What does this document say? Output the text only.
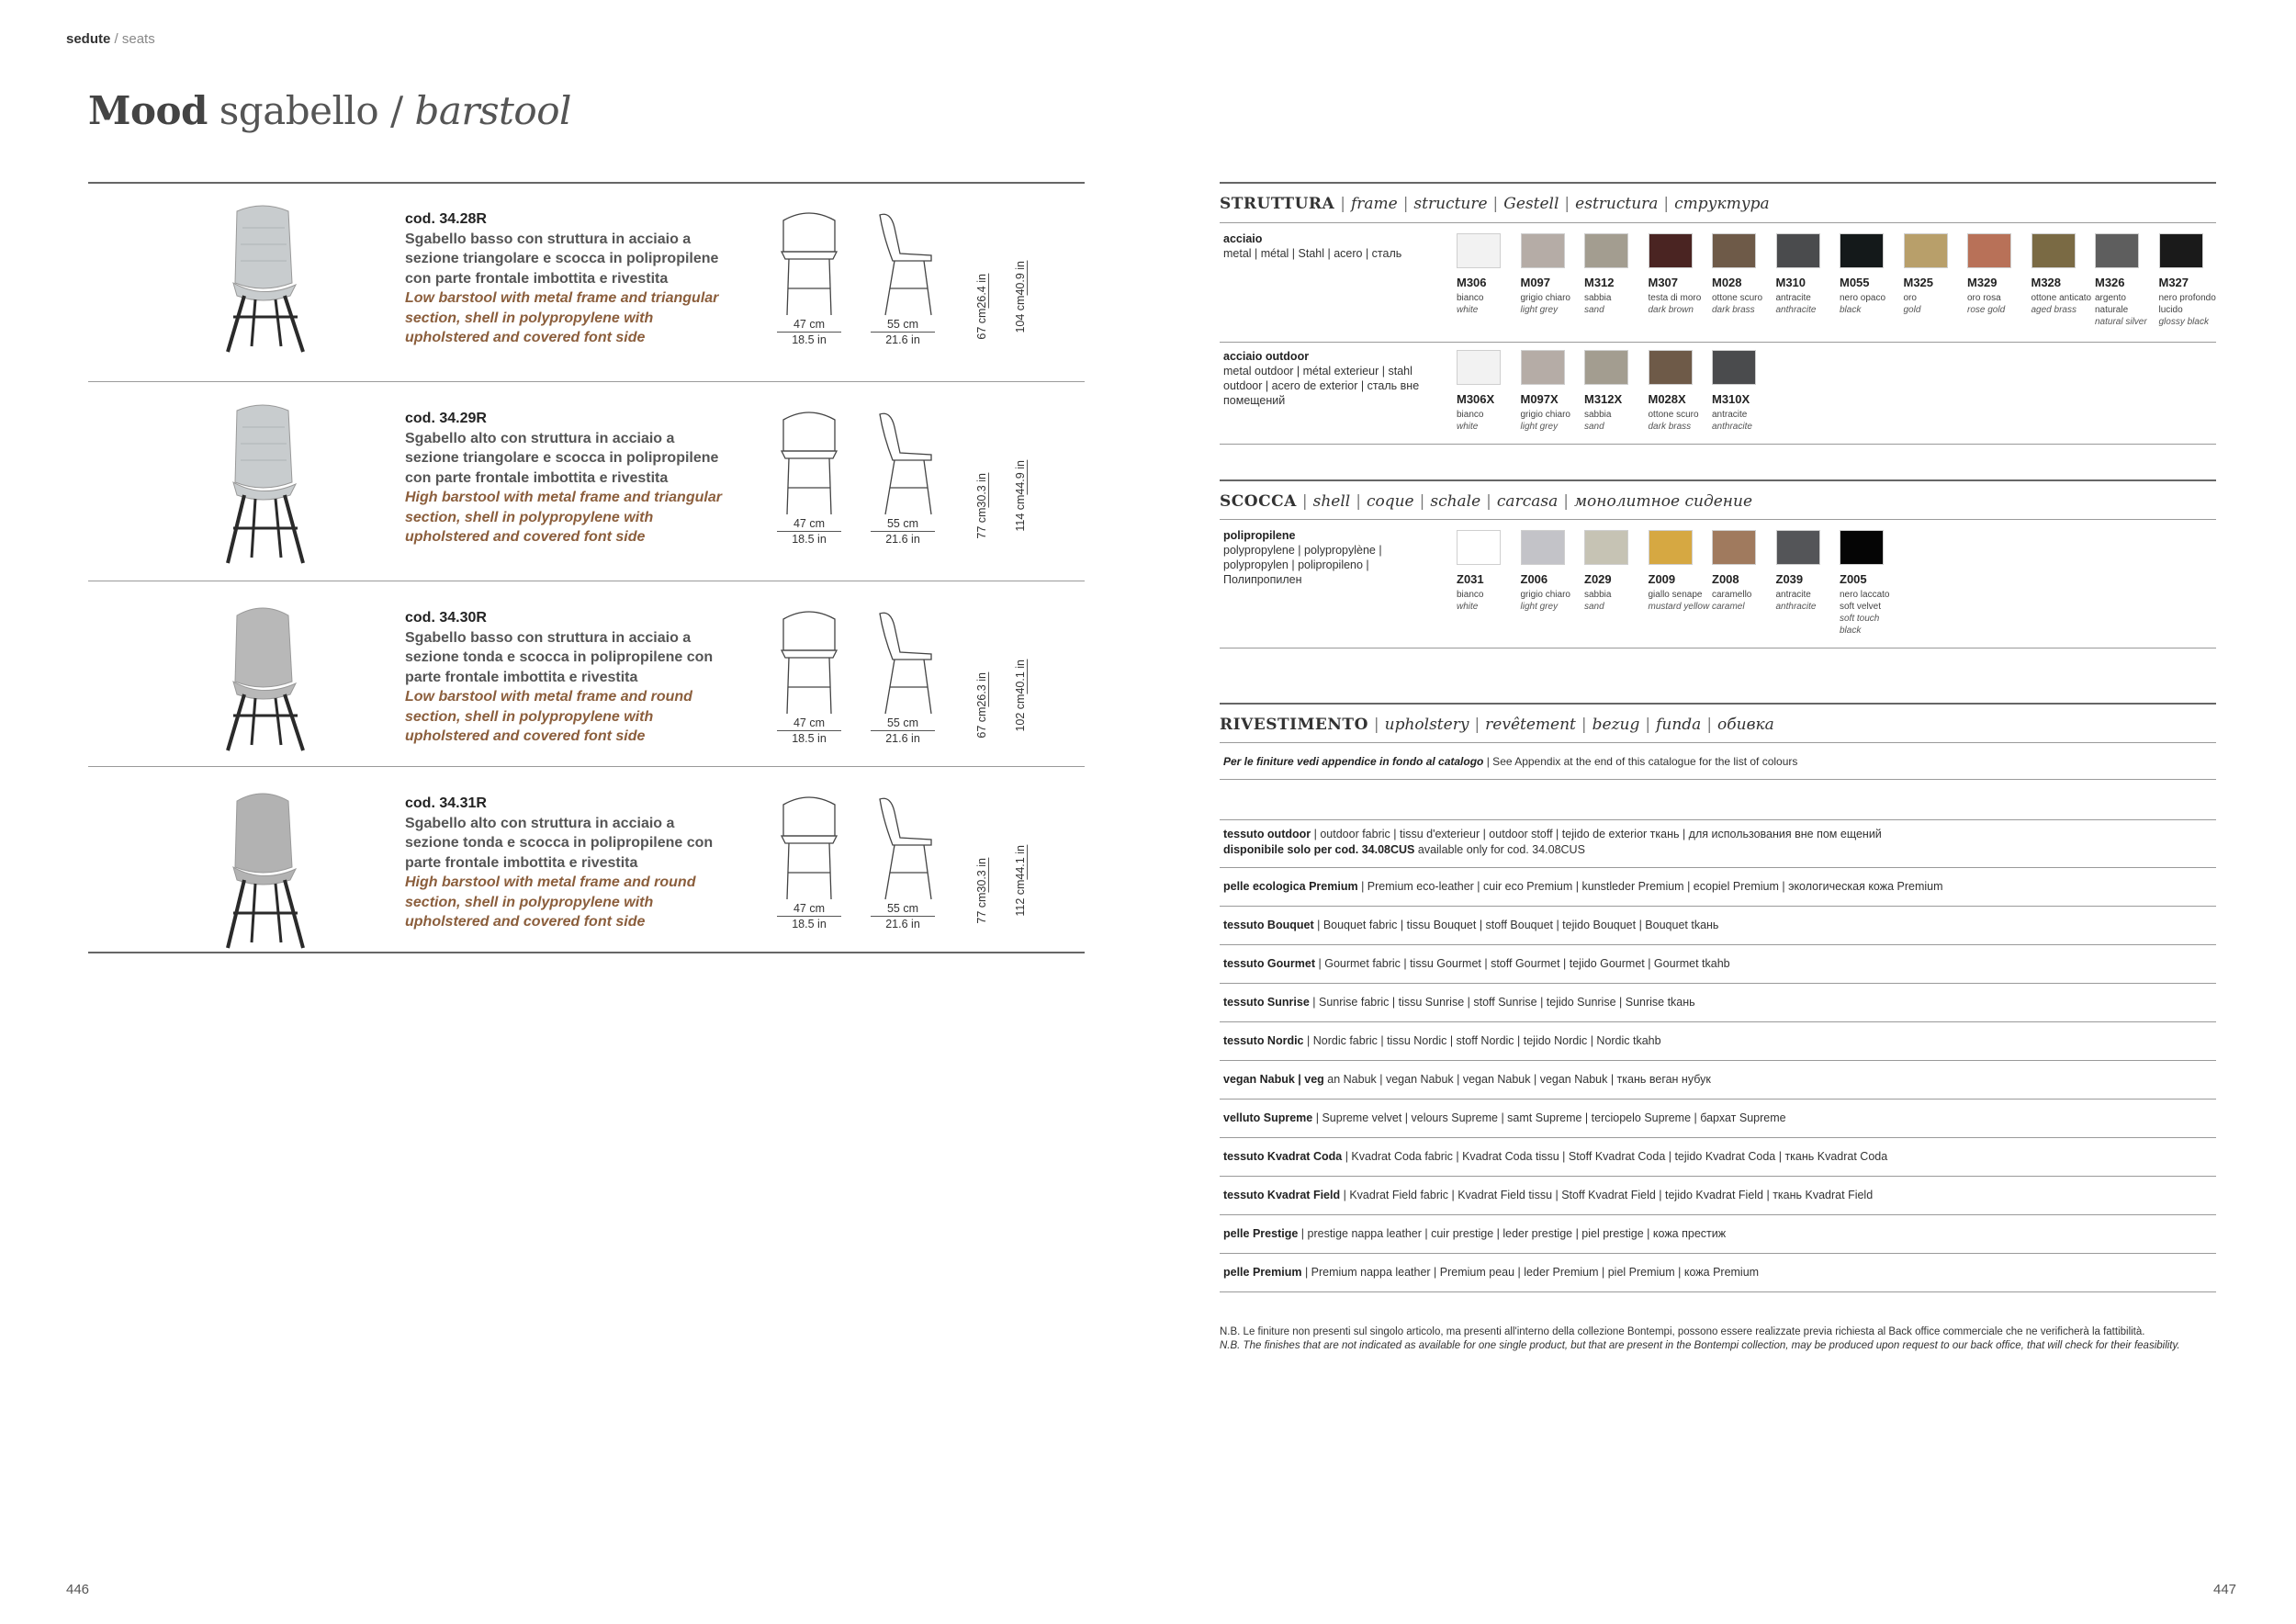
sedute / seats
Mood sgabello / barstool
cod. 34.28R
Sgabello basso con struttura in acciaio a sezione triangolare e scocca in polipropilene con parte frontale imbottita e rivestita
Low barstool with metal frame and triangular section, shell in polypropylene with upholstered and covered font side
47 cm
18.5 in
55 cm
21.6 in
67 cm26.4 in
104 cm40.9 in
cod. 34.29R
Sgabello alto con struttura in acciaio a sezione triangolare e scocca in polipropilene con parte frontale imbottita e rivestita
High barstool with metal frame and triangular section, shell in polypropylene with upholstered and covered font side
47 cm
18.5 in
55 cm
21.6 in
77 cm30.3 in
114 cm44.9 in
cod. 34.30R
Sgabello basso con struttura in acciaio a sezione tonda e scocca in polipropilene con parte frontale imbottita e rivestita
Low barstool with metal frame and round section, shell in polypropylene with upholstered and covered font side
47 cm
18.5 in
55 cm
21.6 in
67 cm26.3 in
102 cm40.1 in
cod. 34.31R
Sgabello alto con struttura in acciaio a sezione tonda e scocca in polipropilene con parte frontale imbottita e rivestita
High barstool with metal frame and round section, shell in polypropylene with upholstered and covered font side
47 cm
18.5 in
55 cm
21.6 in
77 cm30.3 in
112 cm44.1 in
STRUTTURA | frame | structure | Gestell | estructura | структура
acciaio
metal | métal | Stahl | acero | сталь
M306
bianco
white
M097
grigio chiaro
light grey
M312
sabbia
sand
M307
testa di moro
dark brown
M028
ottone scuro
dark brass
M310
antracite
anthracite
M055
nero opaco
black
M325
oro
gold
M329
oro rosa
rose gold
M328
ottone anticato
aged brass
M326
argento naturale
natural silver
M327
nero profondo lucido
glossy black
acciaio outdoor
metal outdoor | métal exterieur | stahl outdoor | acero de exterior | сталь вне помещений	M306X
bianco
white
M097X
grigio chiaro
light grey
M312X
sabbia
sand
M028X
ottone scuro
dark brass
M310X
antracite
anthracite
SCOCCA | shell | coque | schale | carcasa | монолитное сидение
polipropilene
polypropylene | polypropylène | polypropylen | polipropileno | Полипропилен	Z031
bianco
white
Z006
grigio chiaro
light grey
Z029
sabbia
sand
Z009
giallo senape
mustard yellow
Z008
caramello
caramel
Z039
antracite
anthracite
Z005
nero laccato soft velvet
soft touch black
RIVESTIMENTO | upholstery | revêtement | bezug | funda | обивка
Per le finiture vedi appendice in fondo al catalogo | See Appendix at the end of this catalogue for the list of colours
tessuto outdoor | outdoor fabric | tissu d'exterieur | outdoor stoff | tejido de exterior ткань | для использования вне пом ещений
disponibile solo per cod. 34.08CUS available only for cod. 34.08CUS
pelle ecologica Premium | Premium eco-leather | cuir eco Premium | kunstleder Premium | ecopiel Premium | экологическая кожа Premium
tessuto Bouquet | Bouquet fabric | tissu Bouquet | stoff Bouquet | tejido Bouquet | Bouquet tkaнь
tessuto Gourmet | Gourmet fabric | tissu Gourmet | stoff Gourmet | tejido Gourmet | Gourmet tkahb
tessuto Sunrise | Sunrise fabric | tissu Sunrise | stoff Sunrise | tejido Sunrise | Sunrise tkaнь
tessuto Nordic | Nordic fabric | tissu Nordic | stoff Nordic | tejido Nordic | Nordic tkahb
vegan Nabuk | veg an Nabuk | vegan Nabuk | vegan Nabuk | vegan Nabuk | ткань веган нубук
velluto Supreme | Supreme velvet | velours Supreme | samt Supreme | terciopelo Supreme | бархат Supreme
tessuto Kvadrat Coda | Kvadrat Coda fabric | Kvadrat Coda tissu | Stoff Kvadrat Coda | tejido Kvadrat Coda | ткань Kvadrat Coda
tessuto Kvadrat Field | Kvadrat Field fabric | Kvadrat Field tissu | Stoff Kvadrat Field | tejido Kvadrat Field | ткань Kvadrat Field
pelle Prestige | prestige nappa leather | cuir prestige | leder prestige | piel prestige | кожа престиж
pelle Premium | Premium nappa leather | Premium peau | leder Premium | piel Premium | кожа Premium
N.B. Le finiture non presenti sul singolo articolo, ma presenti all'interno della collezione Bontempi, possono essere realizzate previa richiesta al Back office commerciale che ne verificherà la fattibilità.
N.B. The finishes that are not indicated as available for one single product, but that are present in the Bontempi collection, may be produced upon request to our back office, that will check for their feasibility.
446	447
